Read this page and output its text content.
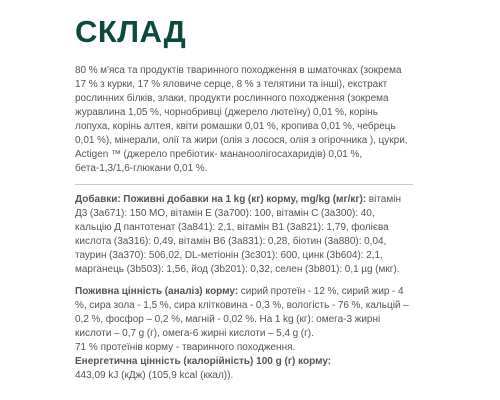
СКЛАД

80 % м'яса та продуктів тваринного походження в шматочках (зокрема 17 % з курки, 17 % яловиче серце, 8 % з телятини та інші), екстракт рослинних білків, злаки, продукти рослинного походження (зокрема журавлина 1,05 %, чорнобривці (джерело лютеїну) 0,01 %, корінь лопуха, корінь алтея, квіти ромашки 0,01 %, кропива 0,01 %, чебрець 0,01 %), мінерали, олії та жири (олія з лосося, олія з огірочника ), цукри, Actigen ™ (джерело пребіотик- мананоолігосахаридів) 0,01 %, бета-1,3/1,6-глюкани 0,01 %.

Добавки: Поживні добавки на 1 kg (кг) корму, mg/kg (мг/кг): вітамін Д3 (3a671): 150 МО, вітамін Е (3a700): 100, вітамін С (3a300): 40, кальцію Д пантотенат (3a841): 2,1, вітамін В1 (3a821): 1,79, фолієва кислота (3a316): 0,49, вітамін В6 (3a831): 0,28, біотин (3a880): 0,04, таурин (3a370): 506,02, DL-метіонін (3c301): 600, цинк (3b604): 2,1, марганець (3b503): 1,56, йод (3b201): 0,32, селен (3b801): 0,1 µg (мкг).

Поживна цінність (аналіз) корму: сирий протеїн - 12 %, сирий жир - 4 %, сира зола - 1,5 %, сира клітковина - 0,3 %, вологість - 76 %, кальцій – 0,2 %, фосфор – 0,2 %, магній - 0,02 %. На 1 kg (кг): омега-3 жирні кислоти – 0,7 g (г), омега-6 жирні кислоти – 5,4 g (г).

71 % протеїнів корму - тваринного походження.
Енергетична цінність (калорійність) 100 g (г) корму:
443,09 kJ (кДж) (105,9 kcal (ккал)).
